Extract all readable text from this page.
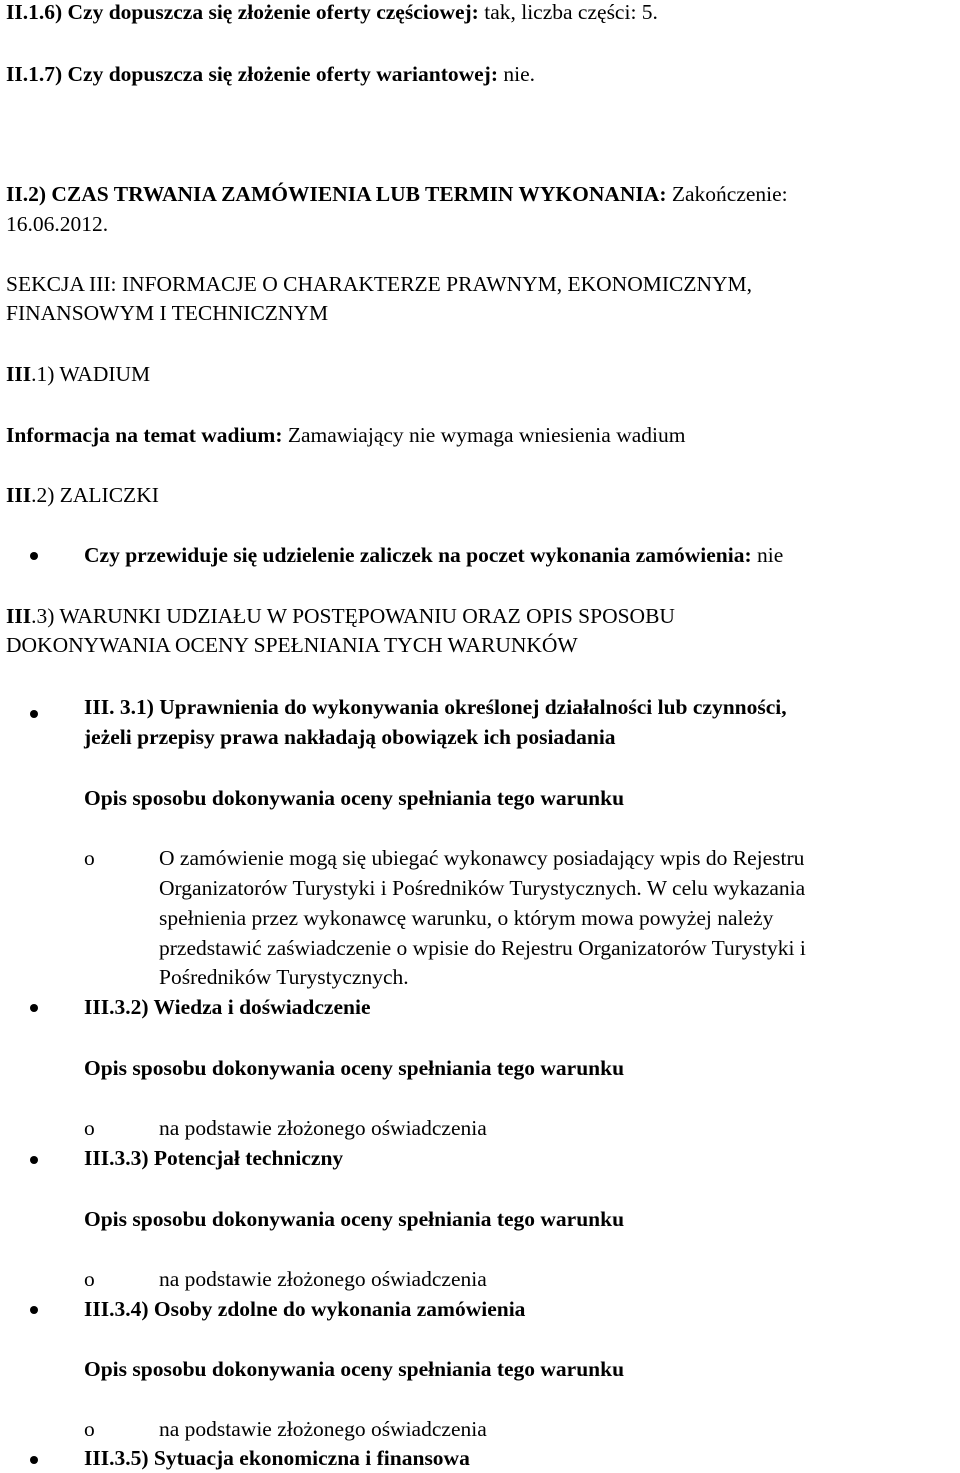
II.1.6) Czy dopuszcza się złożenie oferty częściowej: tak, liczba części: 5.
II.1.7) Czy dopuszcza się złożenie oferty wariantowej: nie.
II.2) CZAS TRWANIA ZAMÓWIENIA LUB TERMIN WYKONANIA: Zakończenie:
16.06.2012.
SEKCJA III: INFORMACJE O CHARAKTERZE PRAWNYM, EKONOMICZNYM,
FINANSOWYM I TECHNICZNYM
III.1) WADIUM
Informacja na temat wadium: Zamawiający nie wymaga wniesienia wadium
III.2) ZALICZKI
Czy przewiduje się udzielenie zaliczek na poczet wykonania zamówienia: nie
III.3) WARUNKI UDZIAŁU W POSTĘPOWANIU ORAZ OPIS SPOSOBU
DOKONYWANIA OCENY SPEŁNIANIA TYCH WARUNKÓW
III. 3.1) Uprawnienia do wykonywania określonej działalności lub czynności,
jeżeli przepisy prawa nakładają obowiązek ich posiadania
Opis sposobu dokonywania oceny spełniania tego warunku
o	O zamówienie mogą się ubiegać wykonawcy posiadający wpis do Rejestru
Organizatorów Turystyki i Pośredników Turystycznych. W celu wykazania
spełnienia przez wykonawcę warunku, o którym mowa powyżej należy
przedstawić zaświadczenie o wpisie do Rejestru Organizatorów Turystyki i
Pośredników Turystycznych.
III.3.2) Wiedza i doświadczenie
Opis sposobu dokonywania oceny spełniania tego warunku
o	na podstawie złożonego oświadczenia
III.3.3) Potencjał techniczny
Opis sposobu dokonywania oceny spełniania tego warunku
o	na podstawie złożonego oświadczenia
III.3.4) Osoby zdolne do wykonania zamówienia
Opis sposobu dokonywania oceny spełniania tego warunku
o	na podstawie złożonego oświadczenia
III.3.5) Sytuacja ekonomiczna i finansowa
